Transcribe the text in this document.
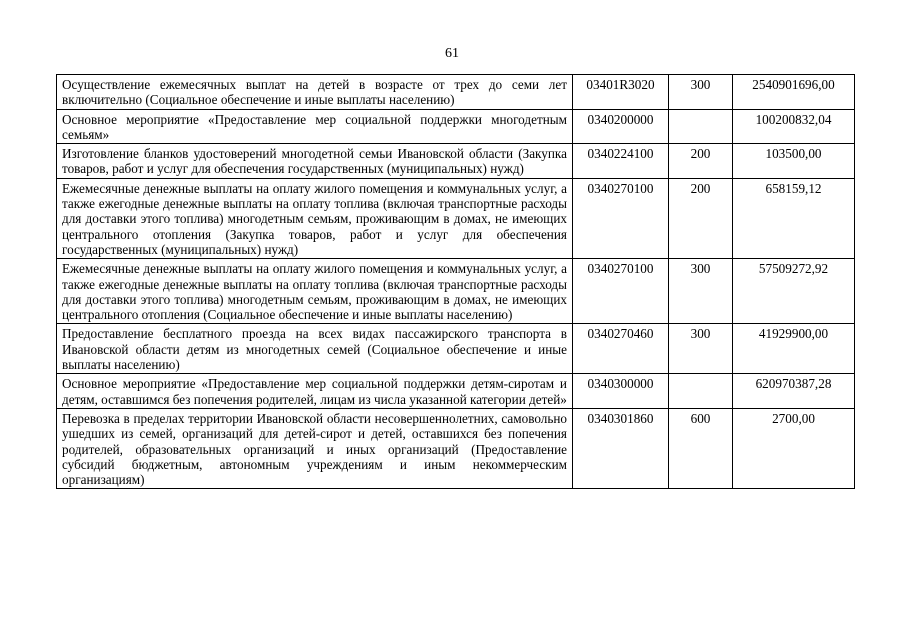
61
Осуществление ежемесячных выплат на детей в возрасте от трех до семи лет включительно (Социальное обеспечение и иные выплаты населению)	03401R3020	300	2540901696,00
Основное мероприятие «Предоставление мер социальной поддержки многодетным семьям»	0340200000		100200832,04
Изготовление бланков удостоверений многодетной семьи Ивановской области (Закупка товаров, работ и услуг для обеспечения государственных (муниципальных) нужд)	0340224100	200	103500,00
Ежемесячные денежные выплаты на оплату жилого помещения и коммунальных услуг, а также ежегодные денежные выплаты на оплату топлива (включая транспортные расходы для доставки этого топлива) многодетным семьям, проживающим в домах, не имеющих центрального отопления (Закупка товаров, работ и услуг для обеспечения государственных (муниципальных) нужд)	0340270100	200	658159,12
Ежемесячные денежные выплаты на оплату жилого помещения и коммунальных услуг, а также ежегодные денежные выплаты на оплату топлива (включая транспортные расходы для доставки этого топлива) многодетным семьям, проживающим в домах, не имеющих центрального отопления (Социальное обеспечение и иные выплаты населению)	0340270100	300	57509272,92
Предоставление бесплатного проезда на всех видах пассажирского транспорта в Ивановской области детям из многодетных семей (Социальное обеспечение и иные выплаты населению)	0340270460	300	41929900,00
Основное мероприятие «Предоставление мер социальной поддержки детям-сиротам и детям, оставшимся без попечения родителей, лицам из числа указанной категории детей»	0340300000		620970387,28
Перевозка в пределах территории Ивановской области несовершеннолетних, самовольно ушедших из семей, организаций для детей-сирот и детей, оставшихся без попечения родителей, образовательных организаций и иных организаций (Предоставление субсидий бюджетным, автономным учреждениям и иным некоммерческим организациям)	0340301860	600	2700,00
